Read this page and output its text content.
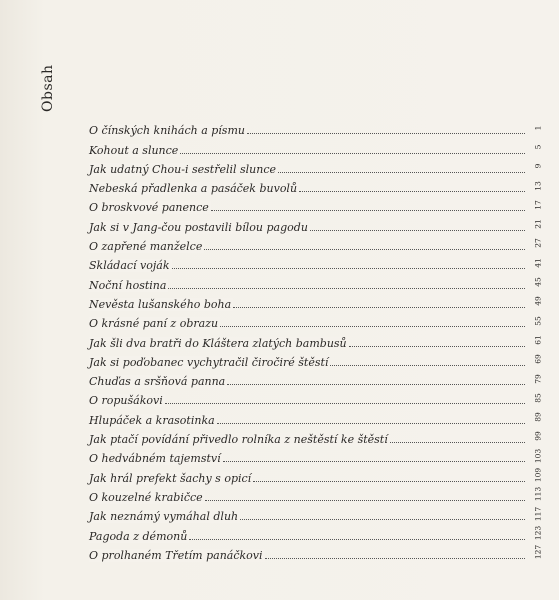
Obsah
O čínských knihách a písmu	1
Kohout a slunce	5
Jak udatný Chou-i sestřelil slunce	9
Nebeská přadlenka a pasáček buvolů	13
O broskvové panence	17
Jak si v Jang-čou postavili bílou pagodu	21
O zapřené manželce	27
Skládací voják	41
Noční hostina	45
Nevěsta lušanského boha	49
O krásné paní z obrazu	55
Jak šli dva bratři do Kláštera zlatých bambusů	61
Jak si poďobanec vychytračil čiročiré štěstí	69
Chuďas a sršňová panna	79
O ropušákovi	85
Hlupáček a krasotinka	89
Jak ptačí povídání přivedlo rolníka z neštěstí ke štěstí	99
O hedvábném tajemství	103
Jak hrál prefekt šachy s opicí	109
O kouzelné krabičce	113
Jak neznámý vymáhal dluh	117
Pagoda z démonů	123
O prolhaném Třetím panáčkovi	127
